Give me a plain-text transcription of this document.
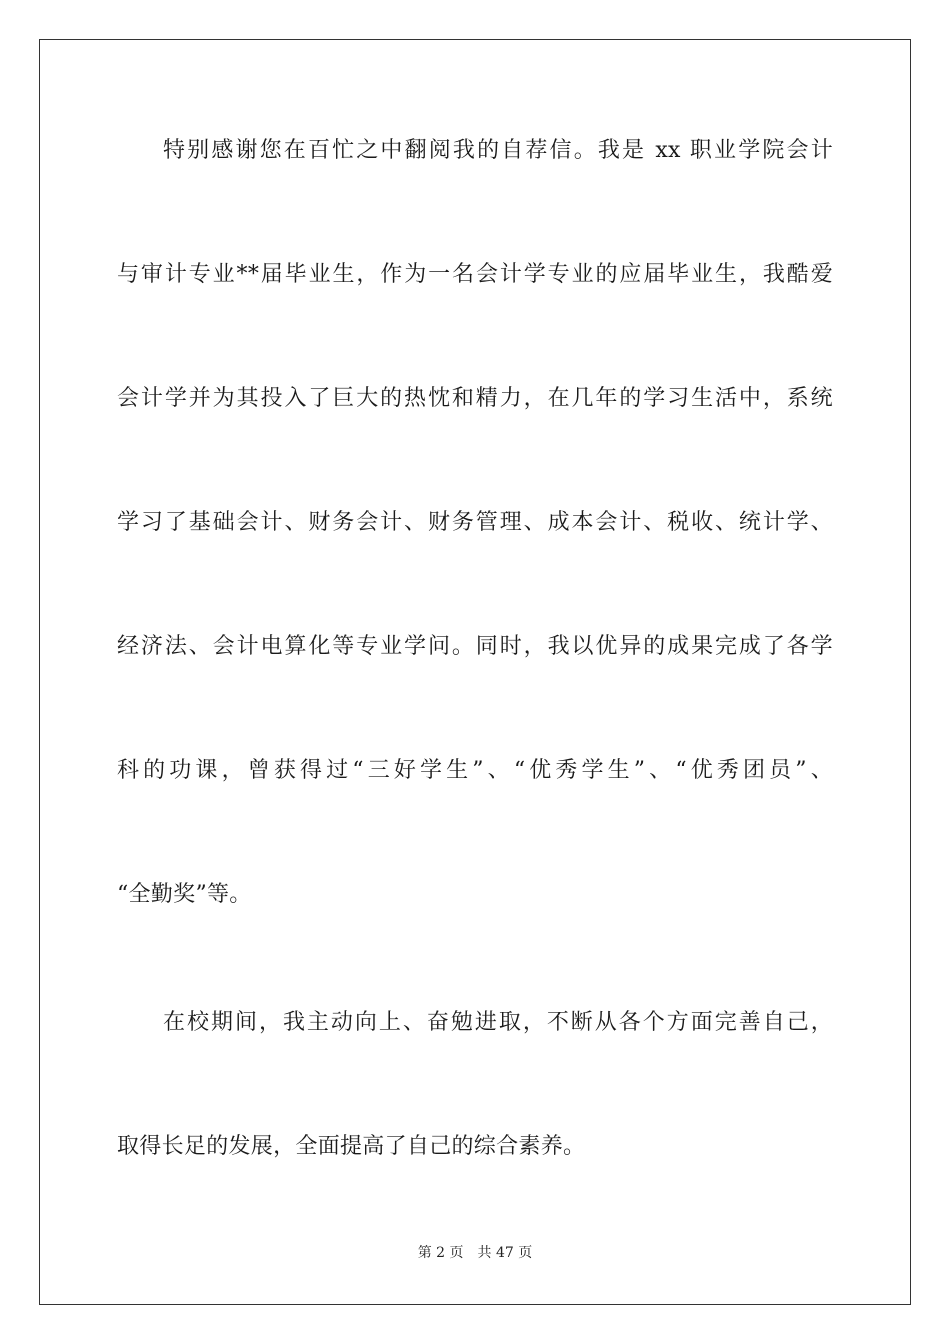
特别感谢您在百忙之中翻阅我的自荐信。我是 xx 职业学院会计
与审计专业**届毕业生，作为一名会计学专业的应届毕业生，我酷爱
会计学并为其投入了巨大的热忱和精力，在几年的学习生活中，系统
学习了基础会计、财务会计、财务管理、成本会计、税收、统计学、
经济法、会计电算化等专业学问。同时，我以优异的成果完成了各学
科的功课，曾获得过“三好学生”、“优秀学生”、“优秀团员”、
“全勤奖”等。
在校期间，我主动向上、奋勉进取，不断从各个方面完善自己，
取得长足的发展，全面提高了自己的综合素养。
第 2 页 共 47 页
